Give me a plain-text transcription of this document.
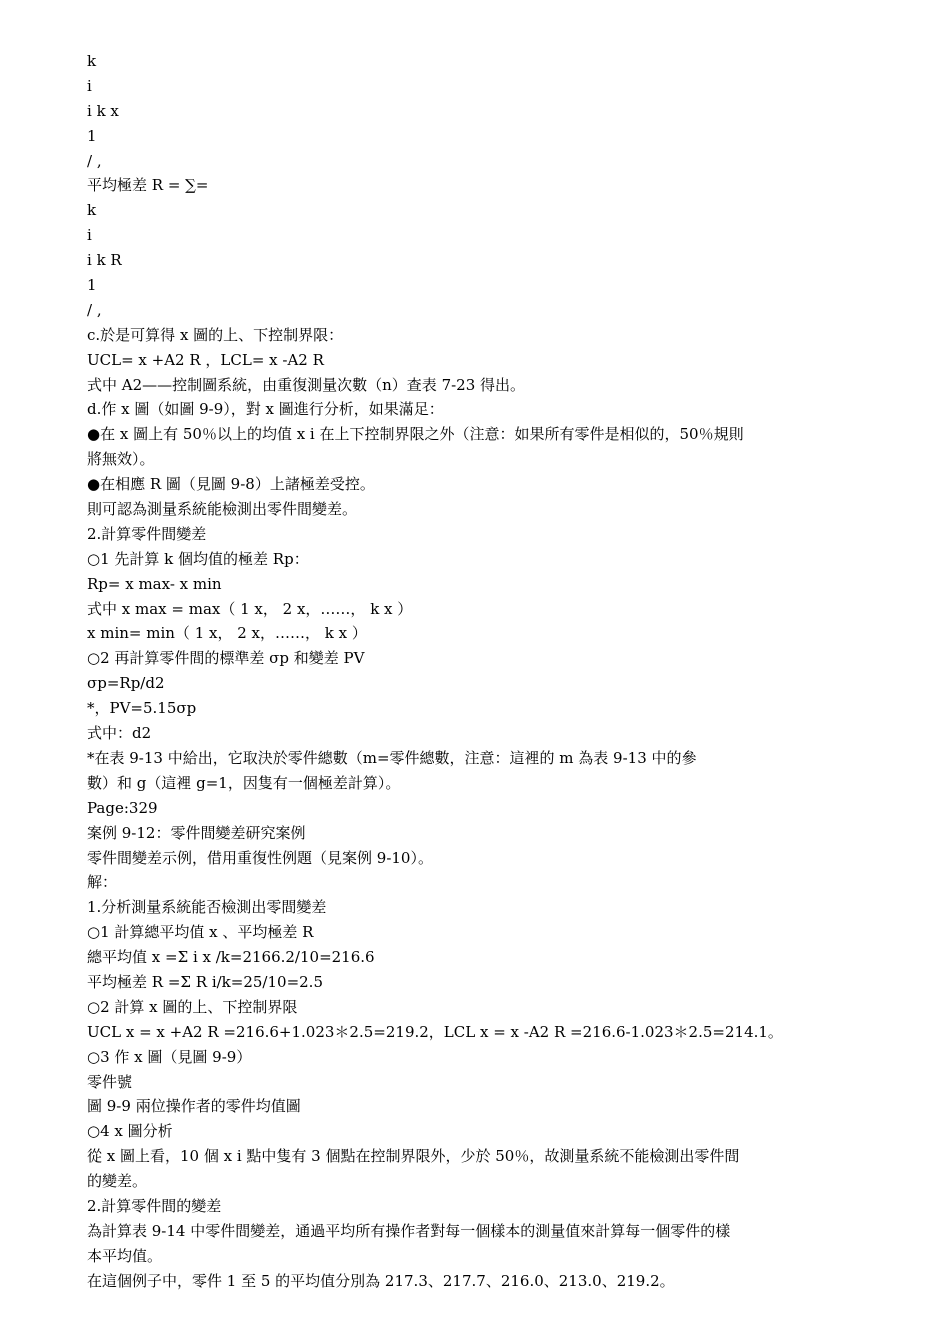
k
i
i k x
1
/ ,
平均極差 R = ∑=
k
i
i k R
1
/ ,
c.於是可算得 x 圖的上、下控制界限：
UCL= x +A2 R ，LCL= x -A2 R
式中 A2——控制圖系統，由重復測量次數（n）查表 7-23 得出。
d.作 x 圖（如圖 9-9），對 x 圖進行分析，如果滿足：
●在 x 圖上有 50％以上的均值 x i 在上下控制界限之外（注意：如果所有零件是相似的，50％規則
將無效）。
●在相應 R 圖（見圖 9-8）上諸極差受控。
則可認為測量系統能檢測出零件間變差。
2.計算零件間變差
○1 先計算 k 個均值的極差 Rp：
Rp= x max- x min
式中 x max = max（ 1 x， 2 x，……， k x ）
x min= min（ 1 x， 2 x，……， k x ）
○2 再計算零件間的標準差 σp 和變差 PV
σp=Rp/d2
*，PV=5.15σp
式中：d2
*在表 9-13 中給出，它取決於零件總數（m=零件總數，注意：這裡的 m 為表 9-13 中的參
數）和 g（這裡 g=1，因隻有一個極差計算）。
Page:329
案例 9-12：零件間變差研究案例
零件間變差示例，借用重復性例題（見案例 9-10）。
解：
1.分析測量系統能否檢測出零間變差
○1 計算總平均值 x 、平均極差 R
總平均值 x =Σ i x /k=2166.2/10=216.6
平均極差 R =Σ R i/k=25/10=2.5
○2 計算 x 圖的上、下控制界限
UCL x = x +A2 R =216.6+1.023＊2.5=219.2，LCL x = x -A2 R =216.6-1.023＊2.5=214.1。
○3 作 x 圖（見圖 9-9）
零件號
圖 9-9 兩位操作者的零件均值圖
○4 x 圖分析
從 x 圖上看，10 個 x i 點中隻有 3 個點在控制界限外，少於 50％，故測量系統不能檢測出零件間
的變差。
2.計算零件間的變差
為計算表 9-14 中零件間變差，通過平均所有操作者對每一個樣本的測量值來計算每一個零件的樣
本平均值。
在這個例子中，零件 1 至 5 的平均值分別為 217.3、217.7、216.0、213.0、219.2。
